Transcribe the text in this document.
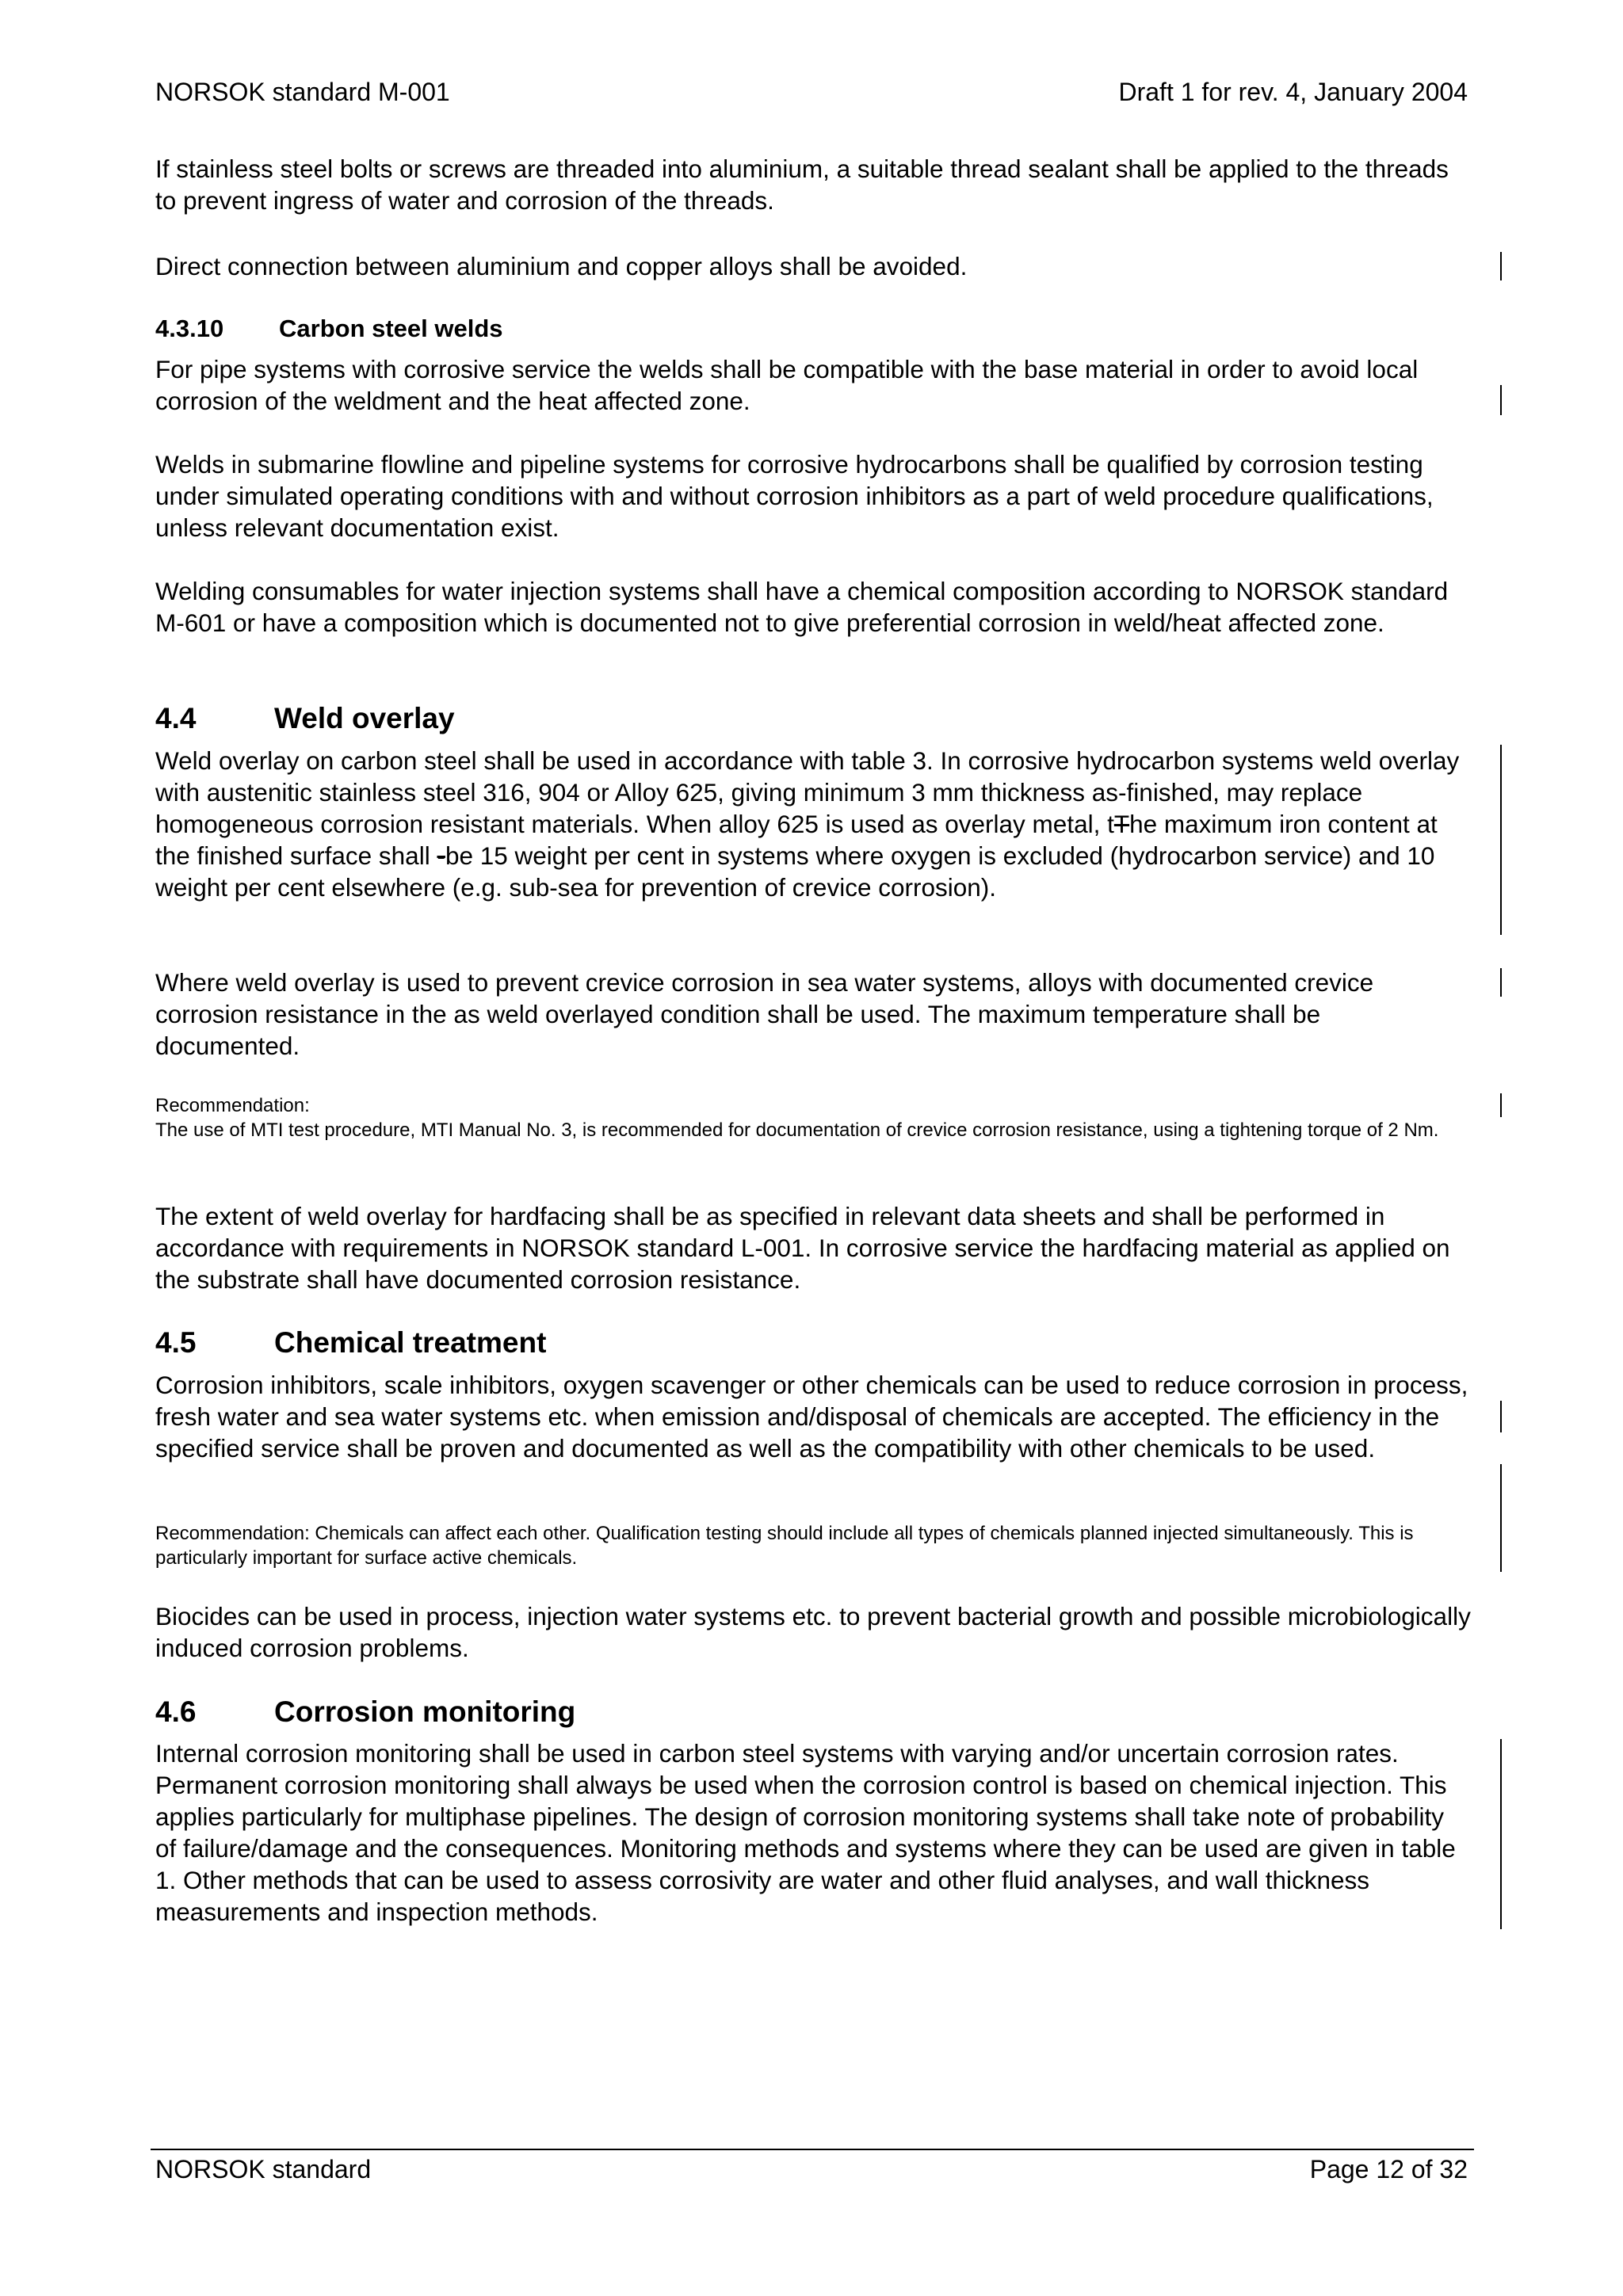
NORSOK standard M-001	Draft 1 for rev. 4, January 2004
If stainless steel bolts or screws are threaded into aluminium, a suitable thread sealant shall be applied to the threads to prevent ingress of water and corrosion of the threads.
Direct connection between aluminium and copper alloys shall be avoided.
4.3.10 Carbon steel welds
For pipe systems with corrosive service the welds shall be compatible with the base material in order to avoid local corrosion of the weldment and the heat affected zone.
Welds in submarine flowline and pipeline systems for corrosive hydrocarbons shall be qualified by corrosion testing under simulated operating conditions with and without corrosion inhibitors as a part of weld procedure qualifications, unless relevant documentation exist.
Welding consumables for water injection systems shall have a chemical composition according to NORSOK standard M-601 or have a composition which is documented not to give preferential corrosion in weld/heat affected zone.
4.4	Weld overlay
Weld overlay on carbon steel shall be used in accordance with table 3. In corrosive hydrocarbon systems weld overlay with austenitic stainless steel 316, 904 or Alloy 625, giving minimum 3 mm thickness as-finished, may replace homogeneous corrosion resistant materials. When alloy 625 is used as overlay metal, tThe maximum iron content at the finished surface shall -be 15 weight per cent in systems where oxygen is excluded (hydrocarbon service) and 10 weight per cent elsewhere (e.g. sub-sea for prevention of crevice corrosion).
Where weld overlay is used to prevent crevice corrosion in sea water systems, alloys with documented crevice corrosion resistance in the as weld overlayed condition shall be used. The maximum temperature shall be documented.
Recommendation:
The use of MTI test procedure, MTI Manual No. 3, is recommended for documentation of crevice corrosion resistance, using a tightening torque of 2 Nm.
The extent of weld overlay for hardfacing shall be as specified in relevant data sheets and shall be performed in accordance with requirements in NORSOK standard L-001. In corrosive service the hardfacing material as applied on the substrate shall have documented corrosion resistance.
4.5	Chemical treatment
Corrosion inhibitors, scale inhibitors, oxygen scavenger or other chemicals can be used to reduce corrosion in process, fresh water and sea water systems etc. when emission and/disposal of chemicals are accepted. The efficiency in the specified service shall be proven and documented as well as the compatibility with other chemicals to be used.
Recommendation: Chemicals can affect each other. Qualification testing should include all types of chemicals planned injected simultaneously. This is particularly important for surface active chemicals.
Biocides can be used in process, injection water systems etc. to prevent bacterial growth and possible microbiologically induced corrosion problems.
4.6	Corrosion monitoring
Internal corrosion monitoring shall be used in carbon steel systems with varying and/or uncertain corrosion rates. Permanent corrosion monitoring shall always be used when the corrosion control is based on chemical injection. This applies particularly for multiphase pipelines. The design of corrosion monitoring systems shall take note of probability of failure/damage and the consequences. Monitoring methods and systems where they can be used are given in table 1. Other methods that can be used to assess corrosivity are water and other fluid analyses, and wall thickness measurements and inspection methods.
NORSOK standard	Page 12 of 32
